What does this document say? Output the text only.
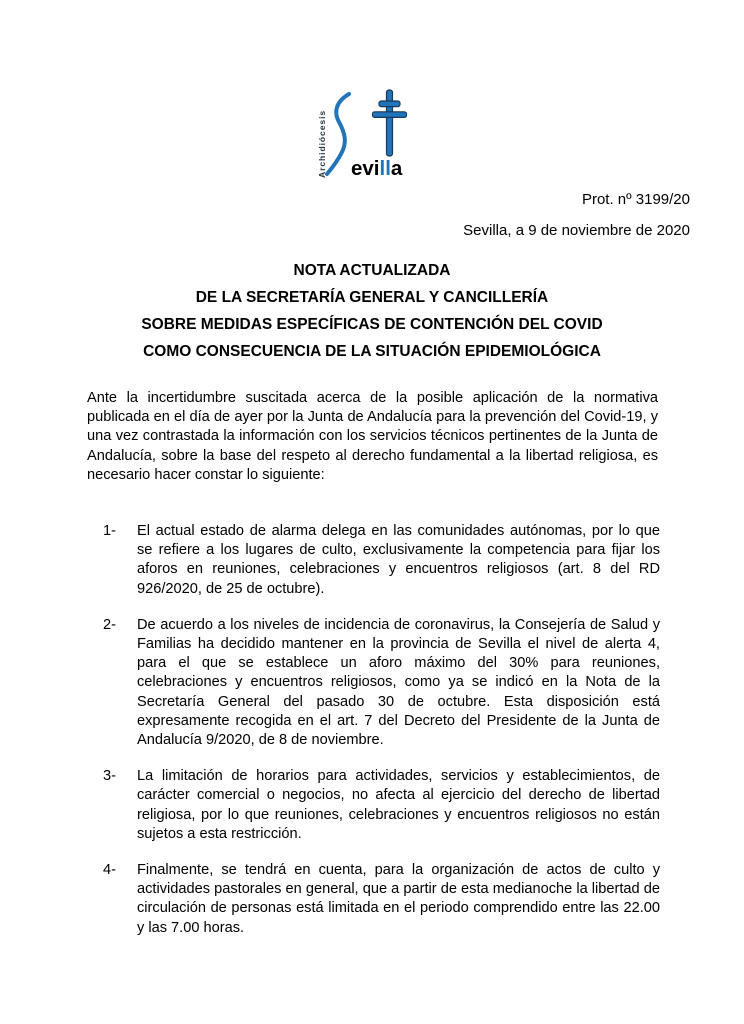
Archidiócesis evilla
Prot. nº 3199/20
Sevilla, a 9 de noviembre de 2020
NOTA ACTUALIZADA
DE LA SECRETARÍA GENERAL Y CANCILLERÍA
SOBRE MEDIDAS ESPECÍFICAS DE CONTENCIÓN DEL COVID
COMO CONSECUENCIA DE LA SITUACIÓN EPIDEMIOLÓGICA

Ante la incertidumbre suscitada acerca de la posible aplicación de la normativa publicada en el día de ayer por la Junta de Andalucía para la prevención del Covid-19, y una vez contrastada la información con los servicios técnicos pertinentes de la Junta de Andalucía, sobre la base del respeto al derecho fundamental a la libertad religiosa, es necesario hacer constar lo siguiente:

1-	El actual estado de alarma delega en las comunidades autónomas, por lo que se refiere a los lugares de culto, exclusivamente la competencia para fijar los aforos en reuniones, celebraciones y encuentros religiosos (art. 8 del RD 926/2020, de 25 de octubre).
2-	De acuerdo a los niveles de incidencia de coronavirus, la Consejería de Salud y Familias ha decidido mantener en la provincia de Sevilla el nivel de alerta 4, para el que se establece un aforo máximo del 30% para reuniones, celebraciones y encuentros religiosos, como ya se indicó en la Nota de la Secretaría General del pasado 30 de octubre. Esta disposición está expresamente recogida en el art. 7 del Decreto del Presidente de la Junta de Andalucía 9/2020, de 8 de noviembre.
3-	La limitación de horarios para actividades, servicios y establecimientos, de carácter comercial o negocios, no afecta al ejercicio del derecho de libertad religiosa, por lo que reuniones, celebraciones y encuentros religiosos no están sujetos a esta restricción.
4-	Finalmente, se tendrá en cuenta, para la organización de actos de culto y actividades pastorales en general, que a partir de esta medianoche la libertad de circulación de personas está limitada en el periodo comprendido entre las 22.00 y las 7.00 horas.
